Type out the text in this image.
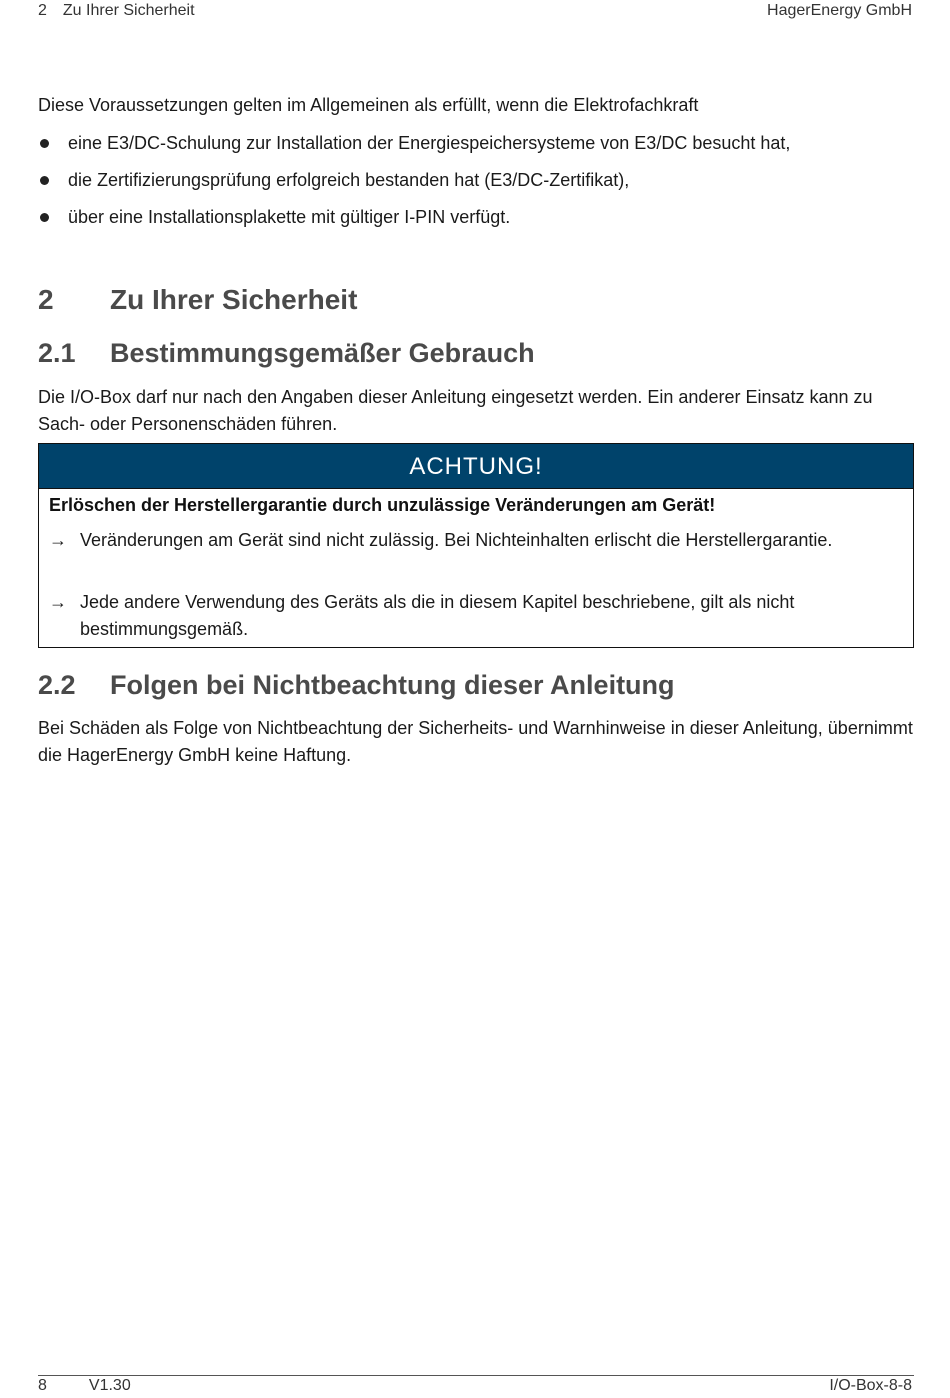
2 Zu Ihrer Sicherheit	HagerEnergy GmbH
Diese Voraussetzungen gelten im Allgemeinen als erfüllt, wenn die Elektrofachkraft
eine E3/DC-Schulung zur Installation der Energiespeichersysteme von E3/DC besucht hat,
die Zertifizierungsprüfung erfolgreich bestanden hat (E3/DC-Zertifikat),
über eine Installationsplakette mit gültiger I-PIN verfügt.
2 Zu Ihrer Sicherheit
2.1 Bestimmungsgemäßer Gebrauch
Die I/O-Box darf nur nach den Angaben dieser Anleitung eingesetzt werden. Ein anderer Einsatz kann zu Sach- oder Personenschäden führen.
ACHTUNG!
Erlöschen der Herstellergarantie durch unzulässige Veränderungen am Gerät!
→ Veränderungen am Gerät sind nicht zulässig. Bei Nichteinhalten erlischt die Herstellergarantie.
→ Jede andere Verwendung des Geräts als die in diesem Kapitel beschriebene, gilt als nicht bestimmungsgemäß.
2.2 Folgen bei Nichtbeachtung dieser Anleitung
Bei Schäden als Folge von Nichtbeachtung der Sicherheits- und Warnhinweise in dieser Anleitung, übernimmt die HagerEnergy GmbH keine Haftung.
8	V1.30	I/O-Box-8-8
